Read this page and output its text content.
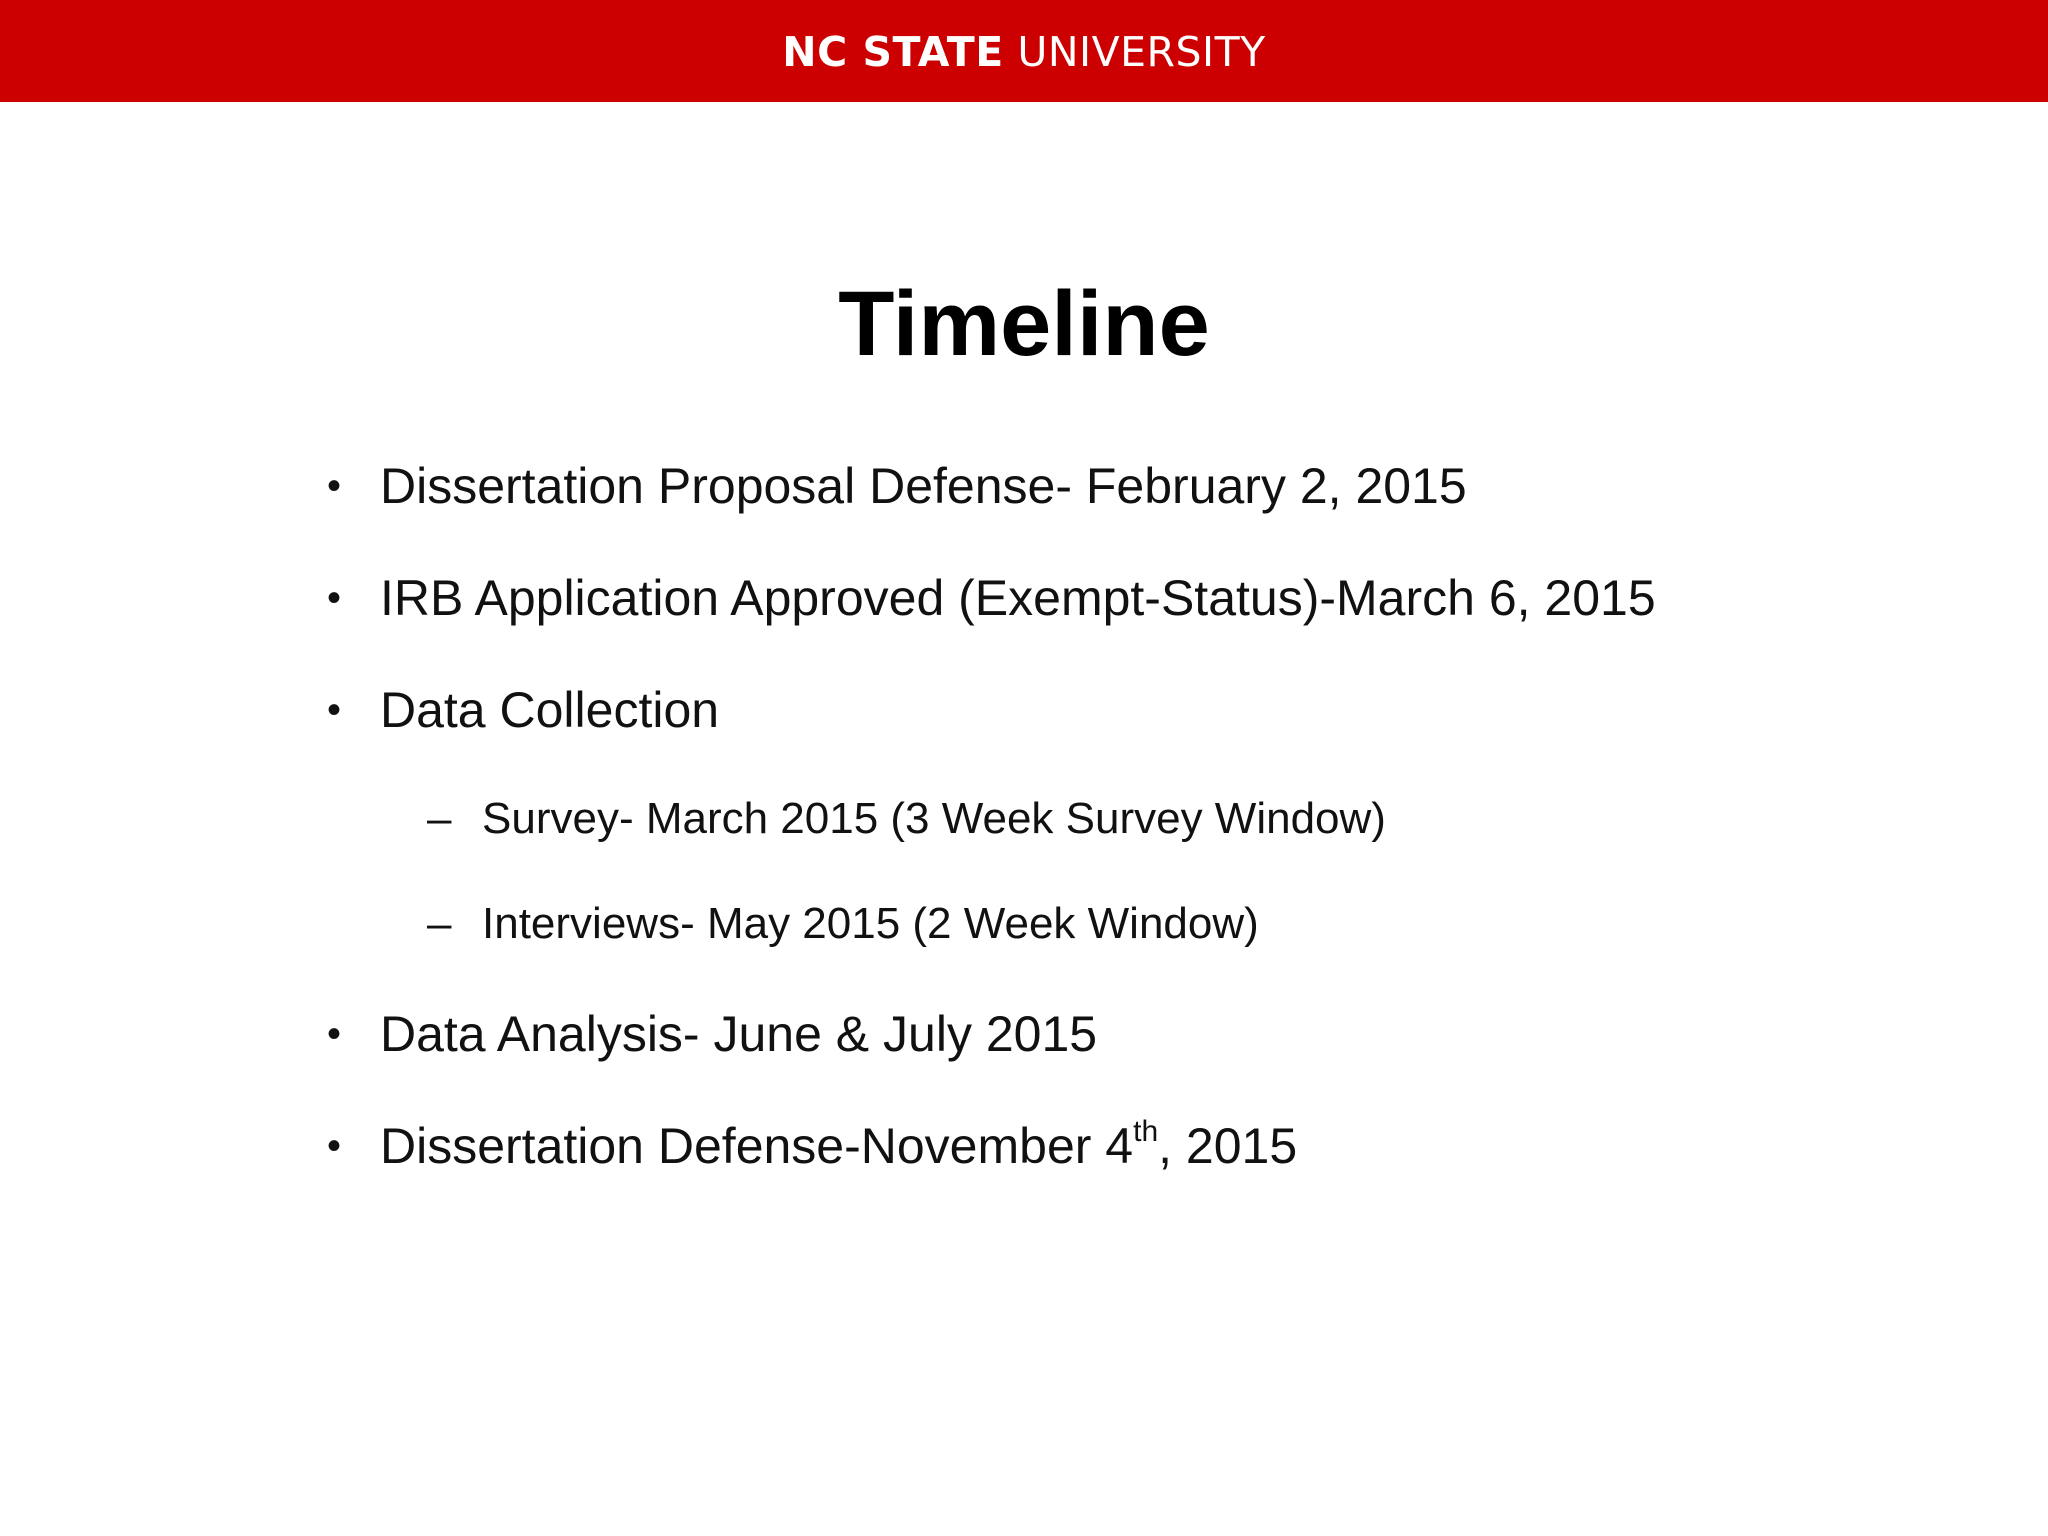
NC STATE UNIVERSITY
Timeline
• Dissertation Proposal Defense- February 2, 2015
• IRB Application Approved (Exempt-Status)-March 6, 2015
• Data Collection
– Survey- March 2015 (3 Week Survey Window)
– Interviews- May 2015 (2 Week Window)
• Data Analysis- June & July 2015
• Dissertation Defense-November 4th, 2015
